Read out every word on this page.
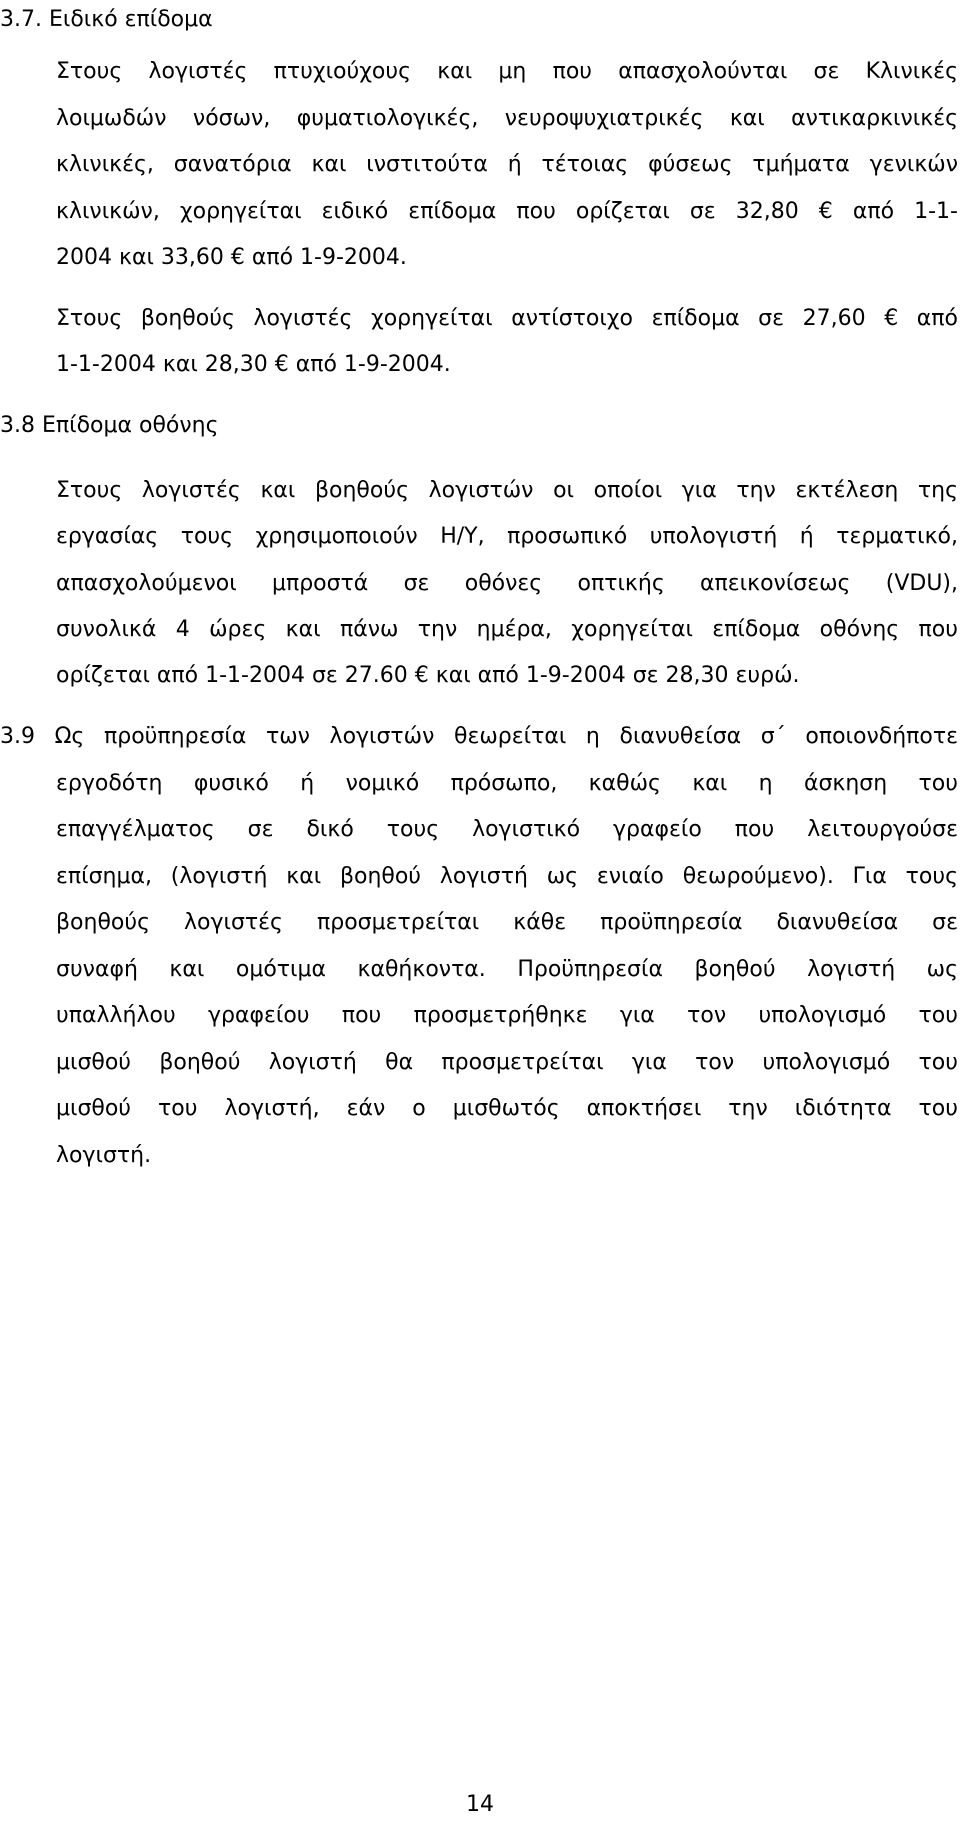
3.7. Ειδικό επίδομα
Στους λογιστές πτυχιούχους και μη που απασχολούνται σε Κλινικές
λοιμωδών νόσων, φυματιολογικές, νευροψυχιατρικές και αντικαρκινικές
κλινικές, σανατόρια και ινστιτούτα ή τέτοιας φύσεως τμήματα γενικών
κλινικών, χορηγείται ειδικό επίδομα που ορίζεται σε 32,80 € από 1-1-
2004 και 33,60 € από 1-9-2004.
Στους βοηθούς λογιστές χορηγείται αντίστοιχο επίδομα σε 27,60 € από
1-1-2004 και 28,30 € από 1-9-2004.
3.8 Επίδομα οθόνης
Στους λογιστές και βοηθούς λογιστών οι οποίοι για την εκτέλεση της
εργασίας τους χρησιμοποιούν Η/Υ, προσωπικό υπολογιστή ή τερματικό,
απασχολούμενοι μπροστά σε οθόνες οπτικής απεικονίσεως (VDU),
συνολικά 4 ώρες και πάνω την ημέρα, χορηγείται επίδομα οθόνης που
ορίζεται από 1-1-2004 σε 27.60 € και από 1-9-2004 σε 28,30 ευρώ.
3.9 Ως προϋπηρεσία των λογιστών θεωρείται η διανυθείσα σ΄ οποιονδήποτε
εργοδότη φυσικό ή νομικό πρόσωπο, καθώς και η άσκηση του
επαγγέλματος σε δικό τους λογιστικό γραφείο που λειτουργούσε
επίσημα, (λογιστή και βοηθού λογιστή ως ενιαίο θεωρούμενο). Για τους
βοηθούς λογιστές προσμετρείται κάθε προϋπηρεσία διανυθείσα σε
συναφή και ομότιμα καθήκοντα. Προϋπηρεσία βοηθού λογιστή ως
υπαλλήλου γραφείου που προσμετρήθηκε για τον υπολογισμό του
μισθού βοηθού λογιστή θα προσμετρείται για τον υπολογισμό του
μισθού του λογιστή, εάν ο μισθωτός αποκτήσει την ιδιότητα του
λογιστή.
14
